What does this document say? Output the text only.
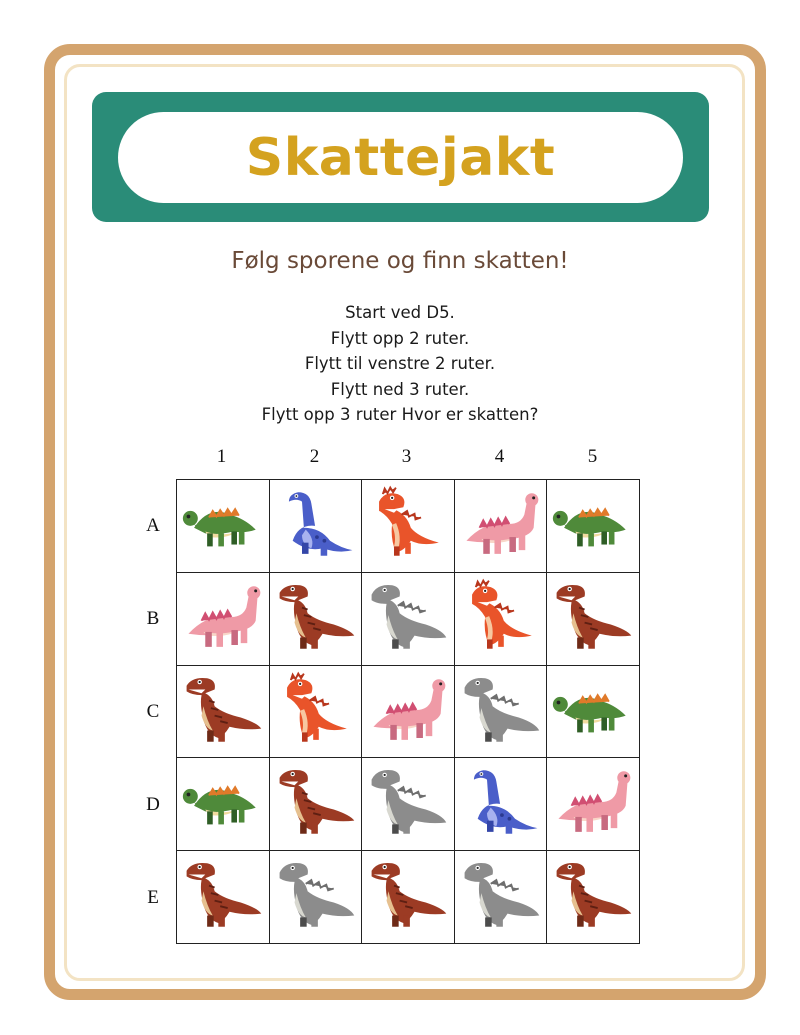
Skattejakt
Følg sporene og finn skatten!
Start ved D5.
Flytt opp 2 ruter.
Flytt til venstre 2 ruter.
Flytt ned 3 ruter.
Flytt opp 3 ruter Hvor er skatten?
1	2	3	4	5
A
B
C
D
E
